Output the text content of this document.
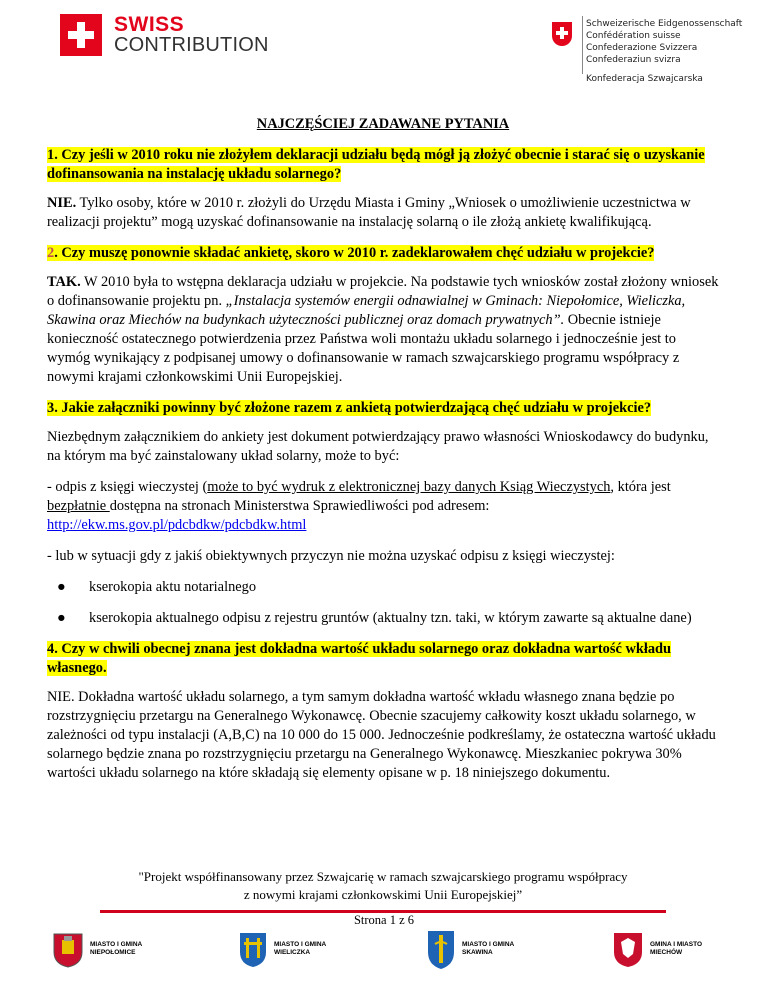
SWISS
CONTRIBUTION
Schweizerische Eidgenossenschaft
Confédération suisse
Confederazione Svizzera
Confederaziun svizra
Konfederacja Szwajcarska
NAJCZĘŚCIEJ ZADAWANE PYTANIA
1. Czy jeśli w 2010 roku nie złożyłem deklaracji udziału będą mógł ją złożyć obecnie i starać się o uzyskanie dofinansowania na instalację układu solarnego?
NIE. Tylko osoby, które w 2010 r. złożyli do Urzędu Miasta i Gminy „Wniosek o umożliwienie uczestnictwa w realizacji projektu” mogą uzyskać dofinansowanie na instalację solarną o ile złożą ankietę kwalifikującą.
2. Czy muszę ponownie składać ankietę, skoro w 2010 r. zadeklarowałem chęć udziału w projekcie?
TAK. W 2010 była to wstępna deklaracja udziału w projekcie. Na podstawie tych wniosków został złożony wniosek o dofinansowanie projektu pn. „Instalacja systemów energii odnawialnej w Gminach: Niepołomice, Wieliczka, Skawina oraz Miechów na budynkach użyteczności publicznej oraz domach prywatnych”. Obecnie istnieje konieczność ostatecznego potwierdzenia przez Państwa woli montażu układu solarnego i jednocześnie jest to wymóg wynikający z podpisanej umowy o dofinansowanie w ramach szwajcarskiego programu współpracy z nowymi krajami członkowskimi Unii Europejskiej.
3. Jakie załączniki powinny być złożone razem z ankietą potwierdzającą chęć udziału w projekcie?
Niezbędnym załącznikiem do ankiety jest dokument potwierdzający prawo własności Wnioskodawcy do budynku, na którym ma być zainstalowany układ solarny, może to być:
- odpis z księgi wieczystej (może to być wydruk z elektronicznej bazy danych Ksiąg Wieczystych, która jest bezpłatnie dostępna na stronach Ministerstwa Sprawiedliwości pod adresem:
http://ekw.ms.gov.pl/pdcbdkw/pdcbdkw.html
- lub w sytuacji gdy z jakiś obiektywnych przyczyn nie można uzyskać odpisu z księgi wieczystej:
●	kserokopia aktu notarialnego
●	kserokopia aktualnego odpisu z rejestru gruntów (aktualny tzn. taki, w którym zawarte są aktualne dane)
4. Czy w chwili obecnej znana jest dokładna wartość układu solarnego oraz dokładna wartość wkładu własnego.
NIE. Dokładna wartość układu solarnego, a tym samym dokładna wartość wkładu własnego znana będzie po rozstrzygnięciu przetargu na Generalnego Wykonawcę. Obecnie szacujemy całkowity koszt układu solarnego, w zależności od typu instalacji (A,B,C) na 10 000 do 15 000. Jednocześnie podkreślamy, że ostateczna wartość układu solarnego będzie znana po rozstrzygnięciu przetargu na Generalnego Wykonawcę. Mieszkaniec pokrywa 30% wartości układu solarnego na które składają się elementy opisane w p. 18 niniejszego dokumentu.
"Projekt współfinansowany przez Szwajcarię w ramach szwajcarskiego programu współpracy
z nowymi krajami członkowskimi Unii Europejskiej”
Strona 1 z 6
MIASTO I GMINA
NIEPOŁOMICE
MIASTO I GMINA
WIELICZKA
MIASTO I GMINA
SKAWINA
GMINA I MIASTO
MIECHÓW
